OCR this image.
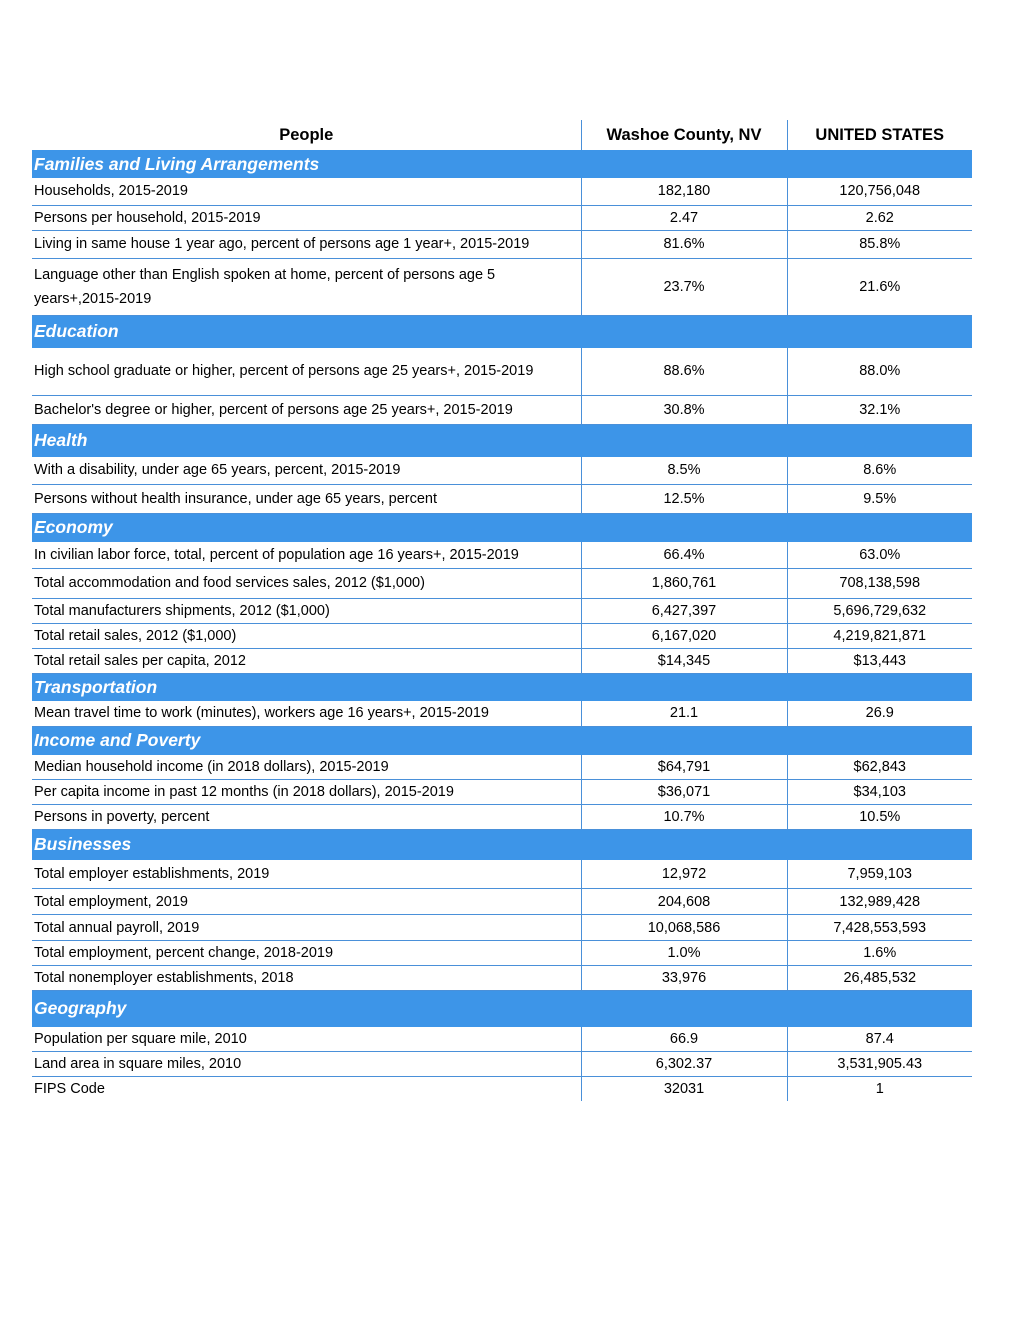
People	Washoe County, NV	UNITED STATES
Families and Living Arrangements		
Households, 2015-2019	182,180	120,756,048
Persons per household, 2015-2019	2.47	2.62
Living in same house 1 year ago, percent of persons age 1 year+, 2015-2019	81.6%	85.8%
Language other than English spoken at home, percent of persons age 5 years+,2015-2019	23.7%	21.6%
Education		
High school graduate or higher, percent of persons age 25 years+, 2015-2019	88.6%	88.0%
Bachelor's degree or higher, percent of persons age 25 years+, 2015-2019	30.8%	32.1%
Health		
With a disability, under age 65 years, percent, 2015-2019	8.5%	8.6%
Persons without health insurance, under age 65 years, percent	12.5%	9.5%
Economy		
In civilian labor force, total, percent of population age 16 years+, 2015-2019	66.4%	63.0%
Total accommodation and food services sales, 2012 ($1,000)	1,860,761	708,138,598
Total manufacturers shipments, 2012 ($1,000)	6,427,397	5,696,729,632
Total retail sales, 2012 ($1,000)	6,167,020	4,219,821,871
Total retail sales per capita, 2012	$14,345	$13,443
Transportation		
Mean travel time to work (minutes), workers age 16 years+, 2015-2019	21.1	26.9
Income and Poverty		
Median household income (in 2018 dollars), 2015-2019	$64,791	$62,843
Per capita income in past 12 months (in 2018 dollars), 2015-2019	$36,071	$34,103
Persons in poverty, percent	10.7%	10.5%
Businesses		
Total employer establishments, 2019	12,972	7,959,103
Total employment, 2019	204,608	132,989,428
Total annual payroll, 2019	10,068,586	7,428,553,593
Total employment, percent change, 2018-2019	1.0%	1.6%
Total nonemployer establishments, 2018	33,976	26,485,532
Geography		
Population per square mile, 2010	66.9	87.4
Land area in square miles, 2010	6,302.37	3,531,905.43
FIPS Code	32031	1
